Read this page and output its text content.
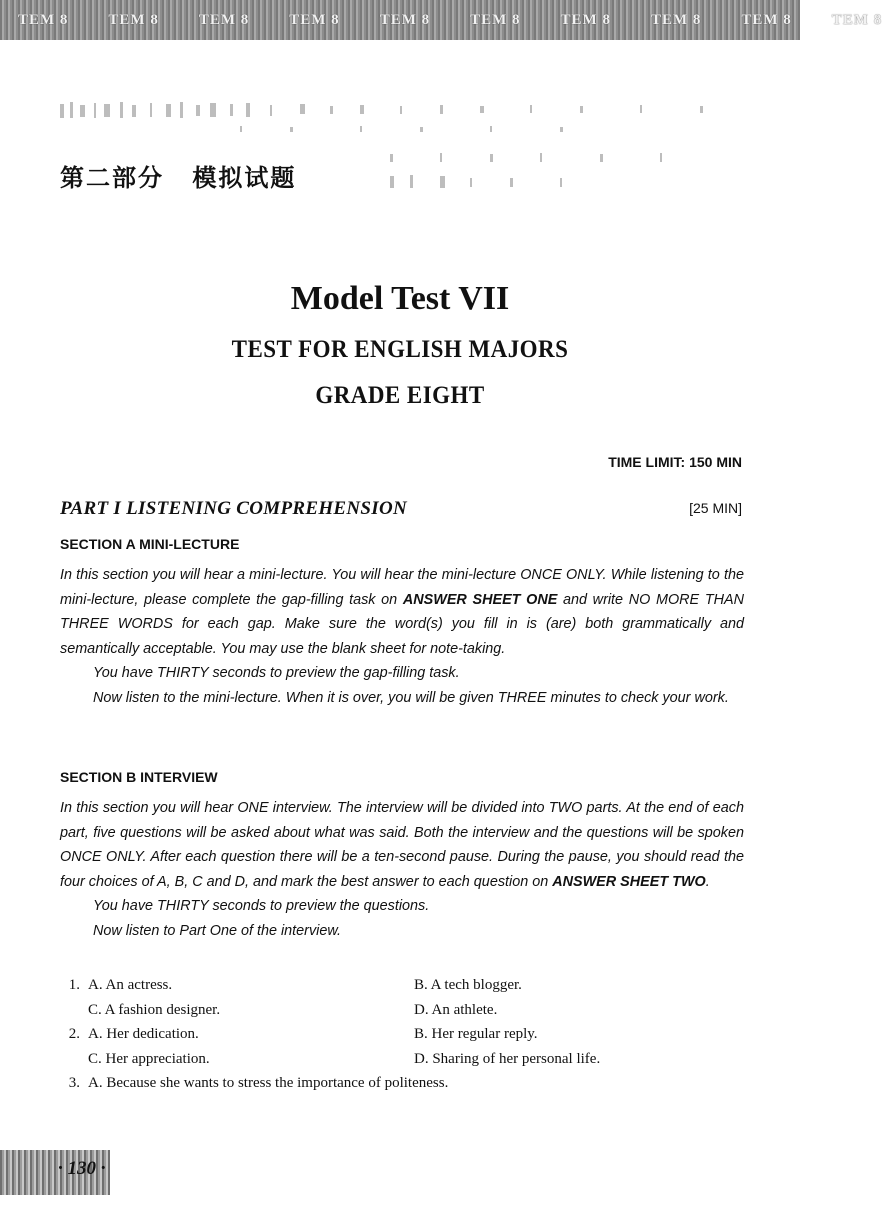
TEM 8	TEM 8	TEM 8	TEM 8	TEM 8	TEM 8	TEM 8	TEM 8	TEM 8	TEM 8
第二部分 模拟试题
Model Test VII
TEST FOR ENGLISH MAJORS
GRADE EIGHT
TIME LIMIT: 150 MIN
PART I LISTENING COMPREHENSION	[25 MIN]
SECTION A MINI-LECTURE

In this section you will hear a mini-lecture. You will hear the mini-lecture ONCE ONLY. While listening to the mini-lecture, please complete the gap-filling task on ANSWER SHEET ONE and write NO MORE THAN THREE WORDS for each gap. Make sure the word(s) you fill in is (are) both grammatically and semantically acceptable. You may use the blank sheet for note-taking.

You have THIRTY seconds to preview the gap-filling task.

Now listen to the mini-lecture. When it is over, you will be given THREE minutes to check your work.

SECTION B INTERVIEW

In this section you will hear ONE interview. The interview will be divided into TWO parts. At the end of each part, five questions will be asked about what was said. Both the interview and the questions will be spoken ONCE ONLY. After each question there will be a ten-second pause. During the pause, you should read the four choices of A, B, C and D, and mark the best answer to each question on ANSWER SHEET TWO.

You have THIRTY seconds to preview the questions.

Now listen to Part One of the interview.

1. A. An actress.	B. A tech blogger.
C. A fashion designer.	D. An athlete.
2. A. Her dedication.	B. Her regular reply.
C. Her appreciation.	D. Sharing of her personal life.
3. A. Because she wants to stress the importance of politeness.
· 130 ·
